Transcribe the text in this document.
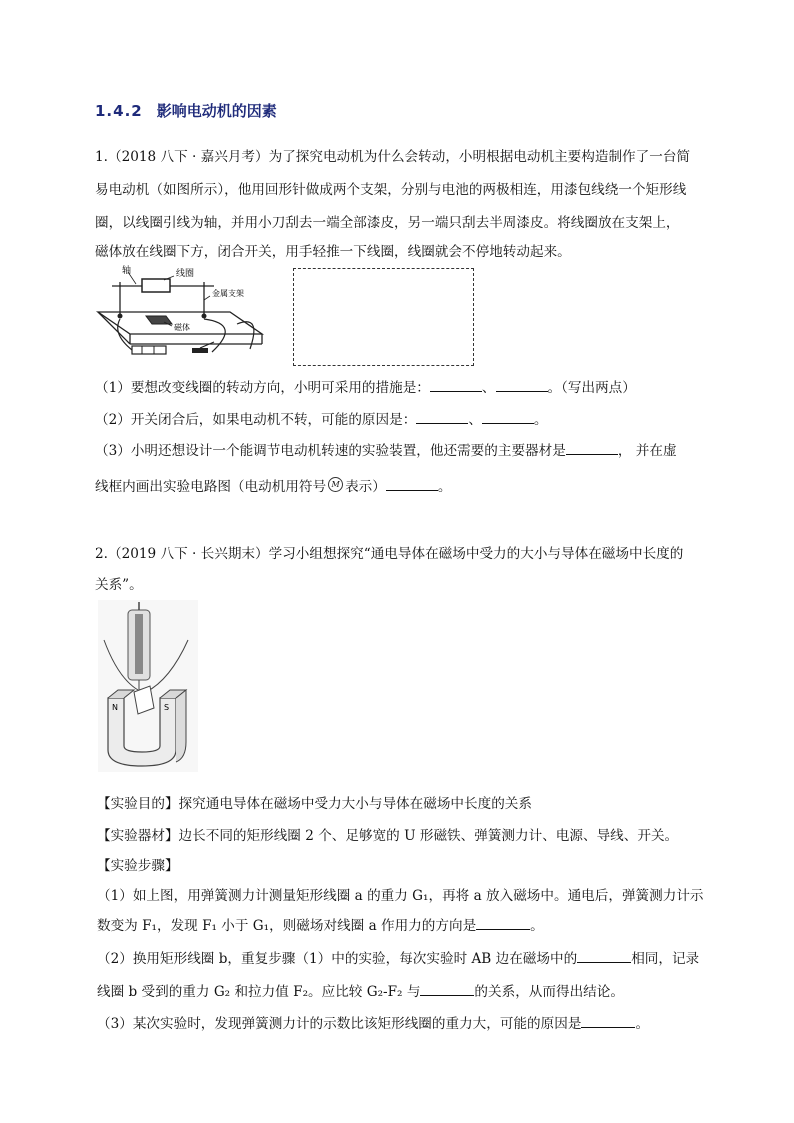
1.4.2 影响电动机的因素
1.（2018 八下 · 嘉兴月考）为了探究电动机为什么会转动，小明根据电动机主要构造制作了一台简
易电动机（如图所示），他用回形针做成两个支架，分别与电池的两极相连，用漆包线绕一个矩形线
圈，以线圈引线为轴，并用小刀刮去一端全部漆皮，另一端只刮去半周漆皮。将线圈放在支架上，
磁体放在线圈下方，闭合开关，用手轻推一下线圈，线圈就会不停地转动起来。
轴	线圈
金属支架
磁体
（1）要想改变线圈的转动方向，小明可采用的措施是：	、	。（写出两点）
（2）开关闭合后，如果电动机不转，可能的原因是：	、	。
（3）小明还想设计一个能调节电动机转速的实验装置，他还需要的主要器材是	， 并在虚
线框内画出实验电路图（电动机用符号 M 表示）	。
2.（2019 八下 · 长兴期末）学习小组想探究“通电导体在磁场中受力的大小与导体在磁场中长度的
关系”。
N	S
【实验目的】探究通电导体在磁场中受力大小与导体在磁场中长度的关系
【实验器材】边长不同的矩形线圈 2 个、足够宽的 U 形磁铁、弹簧测力计、电源、导线、开关。
【实验步骤】
（1）如上图，用弹簧测力计测量矩形线圈 a 的重力 G₁，再将 a 放入磁场中。通电后，弹簧测力计示
数变为 F₁，发现 F₁ 小于 G₁，则磁场对线圈 a 作用力的方向是	。
（2）换用矩形线圈 b，重复步骤（1）中的实验，每次实验时 AB 边在磁场中的	相同，记录
线圈 b 受到的重力 G₂ 和拉力值 F₂。应比较 G₂-F₂ 与	的关系，从而得出结论。
（3）某次实验时，发现弹簧测力计的示数比该矩形线圈的重力大，可能的原因是	。
